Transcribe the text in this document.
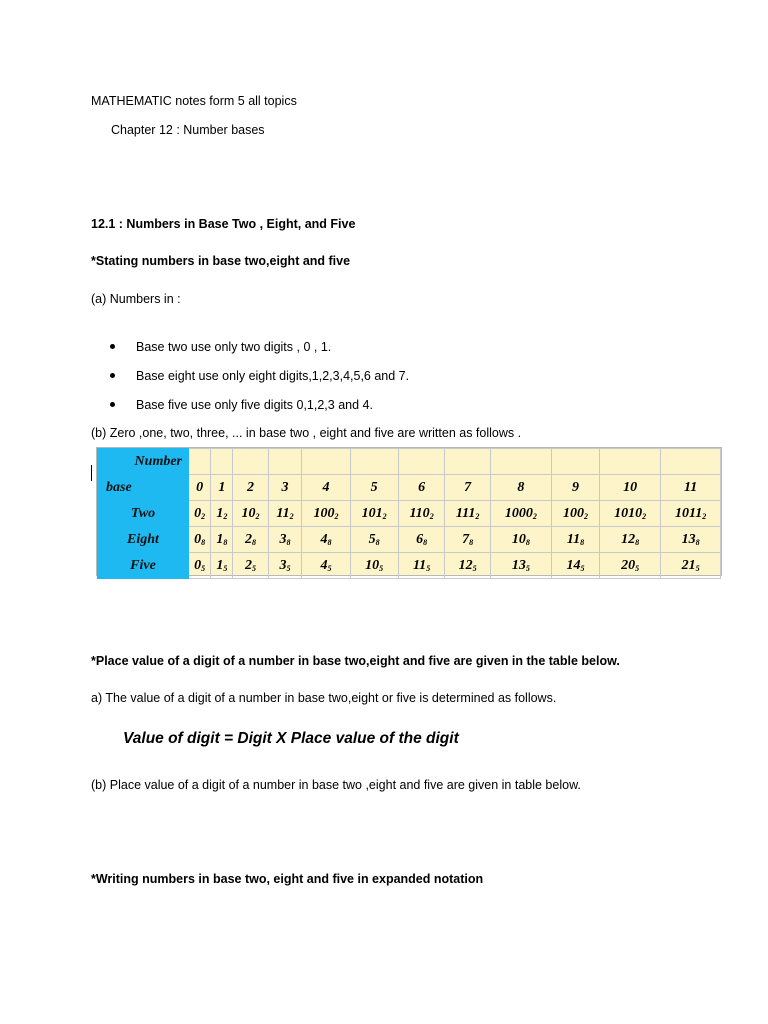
MATHEMATIC notes form 5 all topics
Chapter 12 : Number bases
12.1 : Numbers in Base Two , Eight, and Five
*Stating numbers in base two,eight and five
(a) Numbers in :
Base two use only two digits , 0 , 1.
Base eight use only eight digits,1,2,3,4,5,6 and 7.
Base five use only five digits 0,1,2,3 and 4.
(b) Zero ,one, two, three, ... in base two , eight and five are written as follows .
Number												
base	0	1	2	3	4	5	6	7	8	9	10	11
Two	$0_2$	$1_2$	$10_2$	$11_2$	$100_2$	$101_2$	$110_2$	$111_2$	$1000_2$	$100_2$	$1010_2$	$1011_2$
Eight	$0_8$	$1_8$	$2_8$	$3_8$	$4_8$	$5_8$	$6_8$	$7_8$	$10_8$	$11_8$	$12_8$	$13_8$
Five	$0_5$	$1_5$	$2_5$	$3_5$	$4_5$	$10_5$	$11_5$	$12_5$	$13_5$	$14_5$	$20_5$	$21_5$
*Place value of a digit of a number in base two,eight and five are given in the table below.
a) The value of a digit of a number in base two,eight or five is determined as follows.
Value of digit = Digit X Place value of the digit
(b) Place value of a digit of a number in base two ,eight and five are given in table below.
*Writing numbers in base two, eight and five in expanded notation
